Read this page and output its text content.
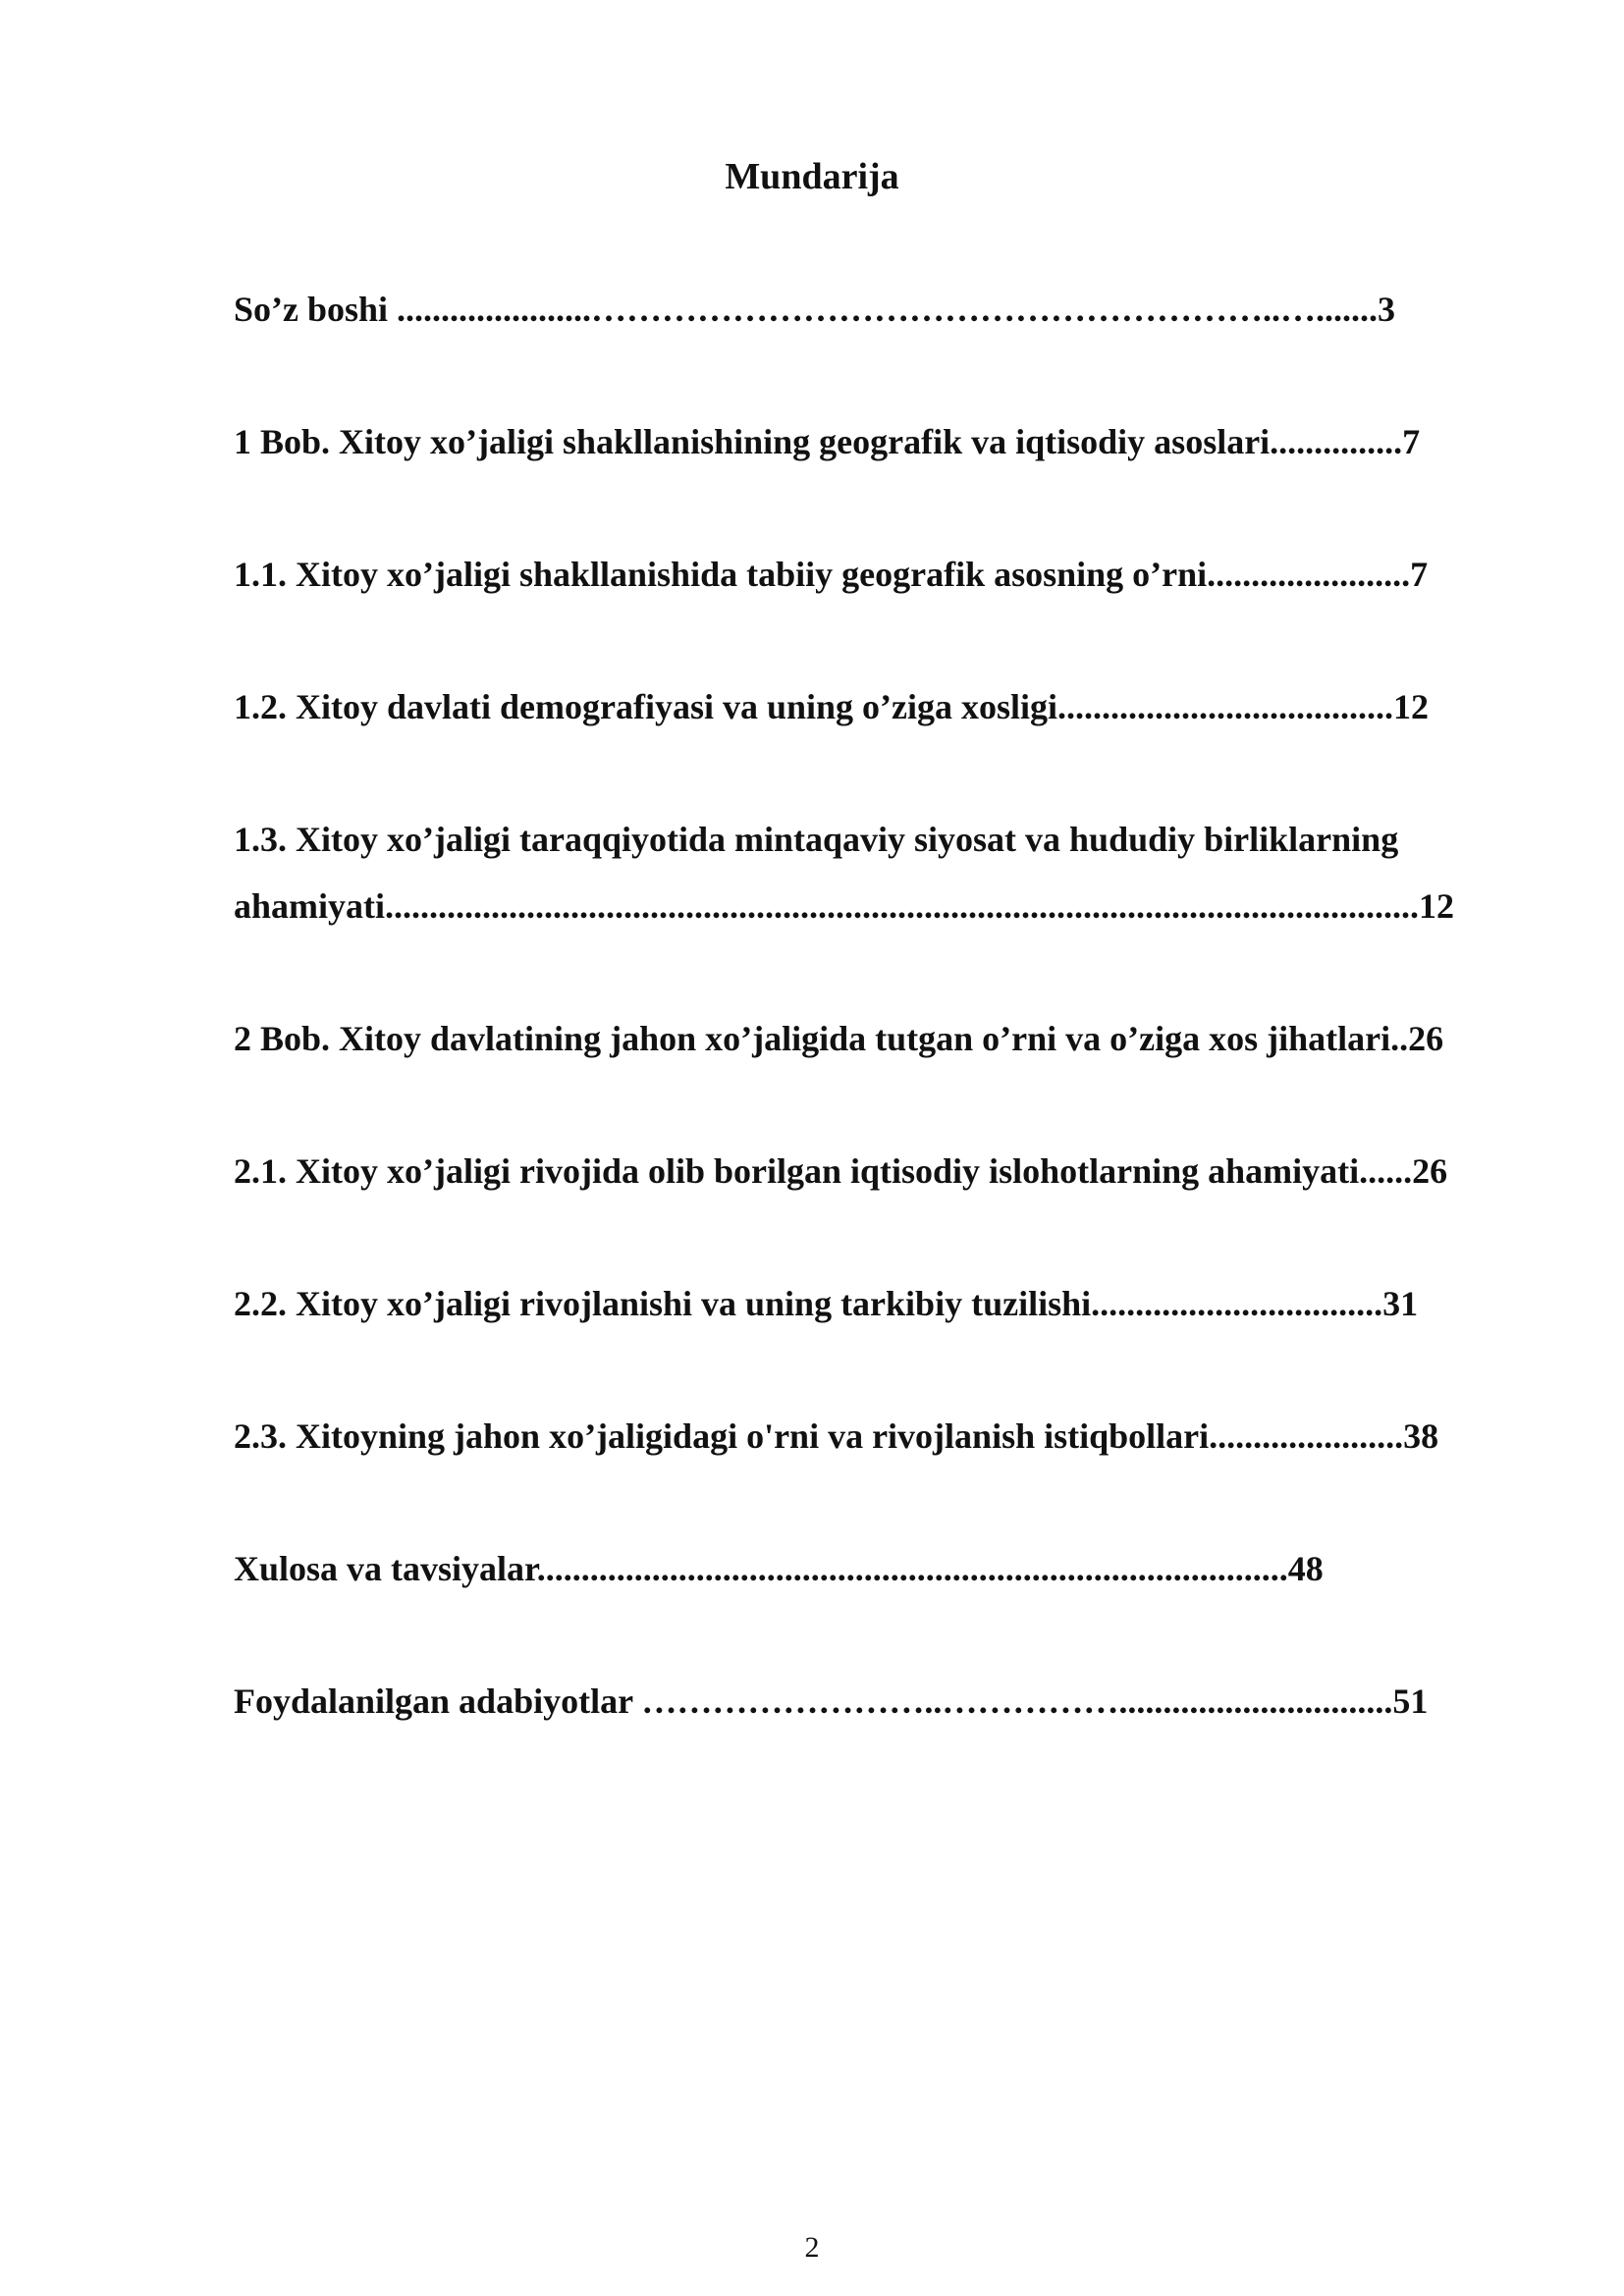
Mundarija
So’z boshi ......................…………………………………………………..….......3
1 Bob. Xitoy xo’jaligi shakllanishining geografik va iqtisodiy asoslari...............7
1.1. Xitoy xo’jaligi shakllanishida tabiiy geografik asosning o’rni.......................7
1.2. Xitoy davlati demografiyasi va uning o’ziga xosligi......................................12
1.3. Xitoy xo’jaligi taraqqiyotida mintaqaviy siyosat va hududiy birliklarning
ahamiyati.....................................................................................................................12
2 Bob. Xitoy davlatining jahon xo’jaligida tutgan o’rni va o’ziga xos jihatlari..26
2.1. Xitoy xo’jaligi rivojida olib borilgan iqtisodiy islohotlarning ahamiyati......26
2.2. Xitoy xo’jaligi rivojlanishi va uning tarkibiy tuzilishi.................................31
2.3. Xitoyning jahon xo’jaligidagi o'rni va rivojlanish istiqbollari......................38
Xulosa va tavsiyalar.....................................................................................48
Foydalanilgan adabiyotlar ……………………..……………...............................51
2
